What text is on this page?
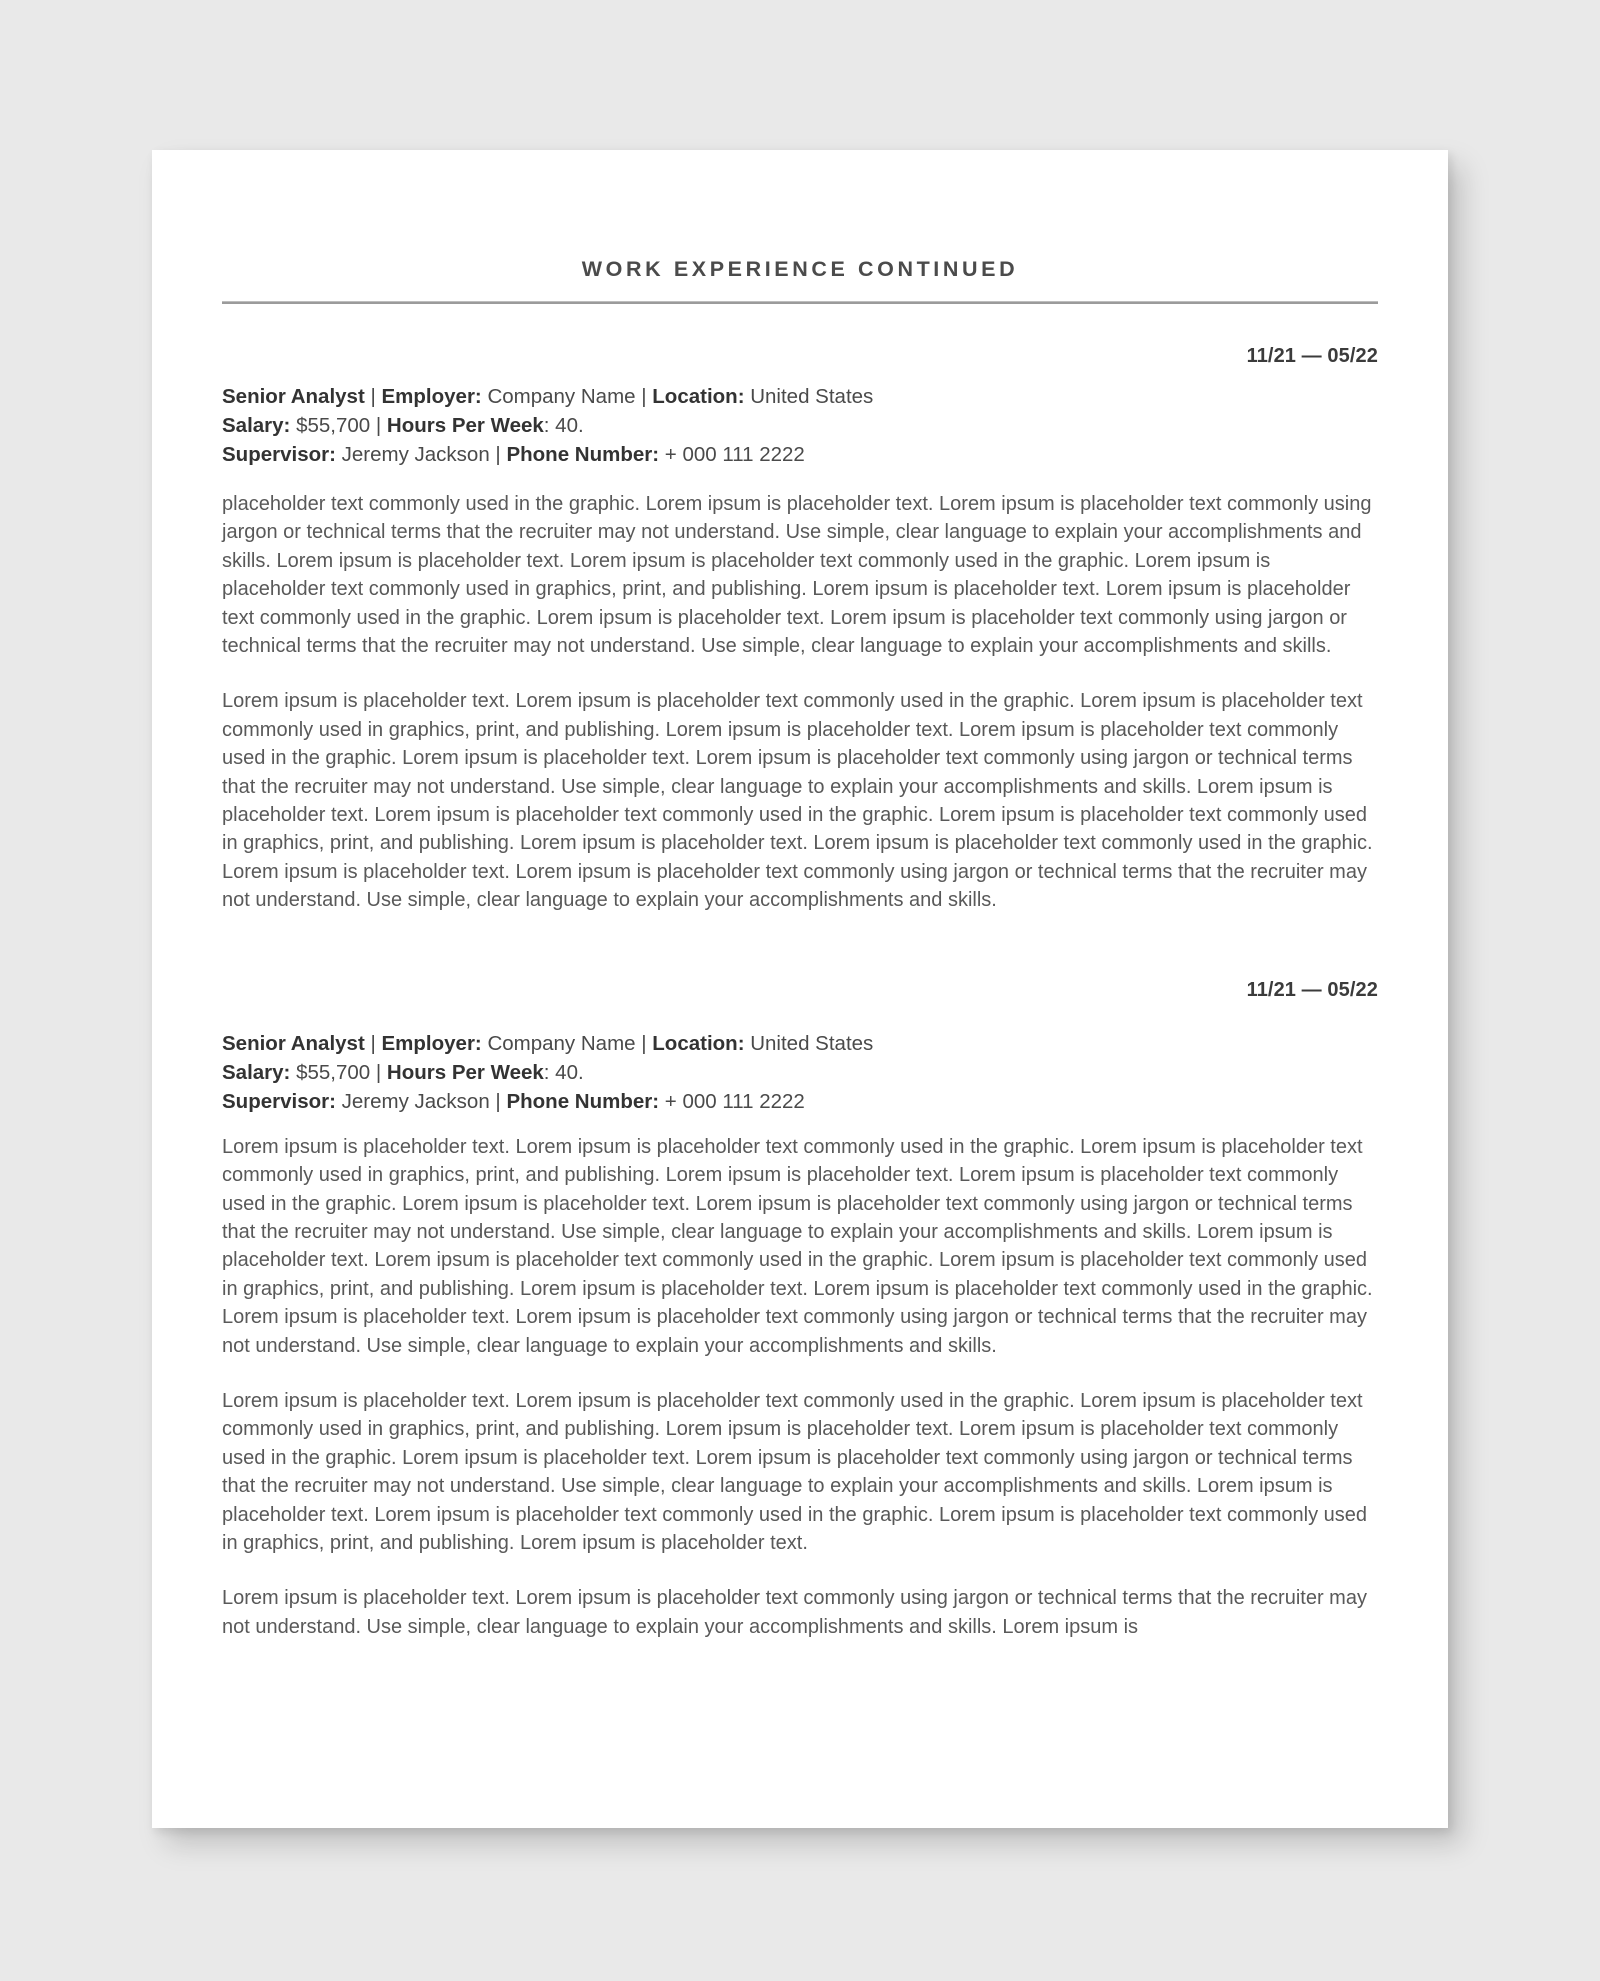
WORK EXPERIENCE CONTINUED
11/21 — 05/22
Senior Analyst | Employer: Company Name | Location: United States
Salary: $55,700 | Hours Per Week: 40.
Supervisor: Jeremy Jackson | Phone Number: + 000 111 2222

placeholder text commonly used in the graphic. Lorem ipsum is placeholder text. Lorem ipsum is placeholder text commonly using jargon or technical terms that the recruiter may not understand. Use simple, clear language to explain your accomplishments and skills. Lorem ipsum is placeholder text. Lorem ipsum is placeholder text commonly used in the graphic. Lorem ipsum is placeholder text commonly used in graphics, print, and publishing. Lorem ipsum is placeholder text. Lorem ipsum is placeholder text commonly used in the graphic. Lorem ipsum is placeholder text. Lorem ipsum is placeholder text commonly using jargon or technical terms that the recruiter may not understand. Use simple, clear language to explain your accomplishments and skills.

Lorem ipsum is placeholder text. Lorem ipsum is placeholder text commonly used in the graphic. Lorem ipsum is placeholder text commonly used in graphics, print, and publishing. Lorem ipsum is placeholder text. Lorem ipsum is placeholder text commonly used in the graphic. Lorem ipsum is placeholder text. Lorem ipsum is placeholder text commonly using jargon or technical terms that the recruiter may not understand. Use simple, clear language to explain your accomplishments and skills. Lorem ipsum is placeholder text. Lorem ipsum is placeholder text commonly used in the graphic. Lorem ipsum is placeholder text commonly used in graphics, print, and publishing. Lorem ipsum is placeholder text. Lorem ipsum is placeholder text commonly used in the graphic. Lorem ipsum is placeholder text. Lorem ipsum is placeholder text commonly using jargon or technical terms that the recruiter may not understand. Use simple, clear language to explain your accomplishments and skills.

11/21 — 05/22
Senior Analyst | Employer: Company Name | Location: United States
Salary: $55,700 | Hours Per Week: 40.
Supervisor: Jeremy Jackson | Phone Number: + 000 111 2222

Lorem ipsum is placeholder text. Lorem ipsum is placeholder text commonly used in the graphic. Lorem ipsum is placeholder text commonly used in graphics, print, and publishing. Lorem ipsum is placeholder text. Lorem ipsum is placeholder text commonly used in the graphic. Lorem ipsum is placeholder text. Lorem ipsum is placeholder text commonly using jargon or technical terms that the recruiter may not understand. Use simple, clear language to explain your accomplishments and skills. Lorem ipsum is placeholder text. Lorem ipsum is placeholder text commonly used in the graphic. Lorem ipsum is placeholder text commonly used in graphics, print, and publishing. Lorem ipsum is placeholder text. Lorem ipsum is placeholder text commonly used in the graphic. Lorem ipsum is placeholder text. Lorem ipsum is placeholder text commonly using jargon or technical terms that the recruiter may not understand. Use simple, clear language to explain your accomplishments and skills.

Lorem ipsum is placeholder text. Lorem ipsum is placeholder text commonly used in the graphic. Lorem ipsum is placeholder text commonly used in graphics, print, and publishing. Lorem ipsum is placeholder text. Lorem ipsum is placeholder text commonly used in the graphic. Lorem ipsum is placeholder text. Lorem ipsum is placeholder text commonly using jargon or technical terms that the recruiter may not understand. Use simple, clear language to explain your accomplishments and skills. Lorem ipsum is placeholder text. Lorem ipsum is placeholder text commonly used in the graphic. Lorem ipsum is placeholder text commonly used in graphics, print, and publishing. Lorem ipsum is placeholder text.

Lorem ipsum is placeholder text. Lorem ipsum is placeholder text commonly using jargon or technical terms that the recruiter may not understand. Use simple, clear language to explain your accomplishments and skills. Lorem ipsum is
